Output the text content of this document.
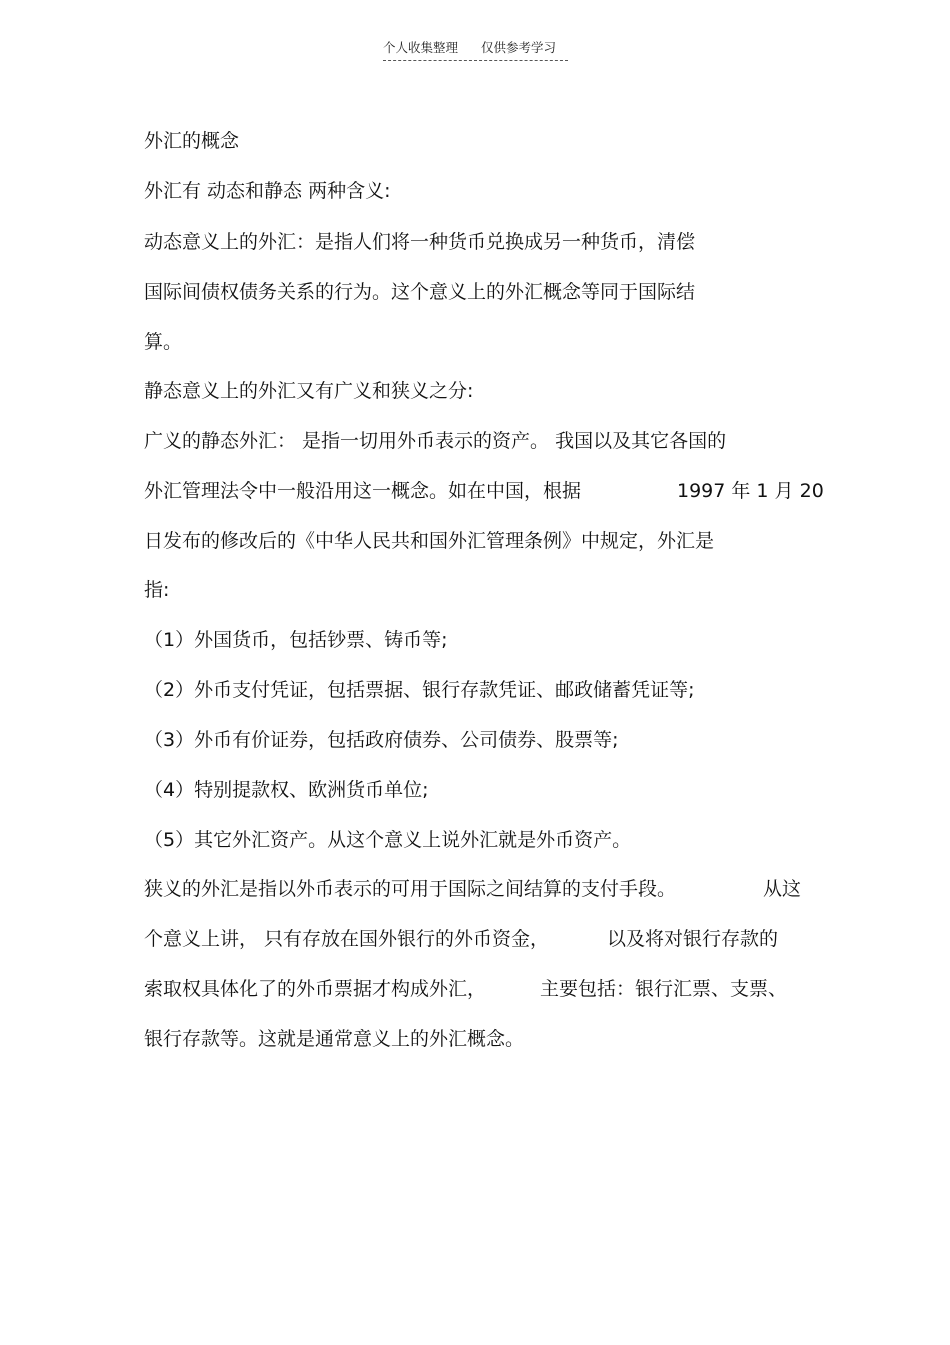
个人收集整理 仅供参考学习
外汇的概念
外汇有 动态和静态 两种含义:
动态意义上的外汇：是指人们将一种货币兑换成另一种货币，清偿
国际间债权债务关系的行为。这个意义上的外汇概念等同于国际结
算。
静态意义上的外汇又有广义和狭义之分:
广义的静态外汇： 是指一切用外币表示的资产。 我国以及其它各国的
外汇管理法令中一般沿用这一概念。如在中国，根据	1997 年 1 月 20
日发布的修改后的《中华人民共和国外汇管理条例》中规定，外汇是
指:
（1）外国货币，包括钞票、铸币等;
（2）外币支付凭证，包括票据、银行存款凭证、邮政储蓄凭证等;
（3）外币有价证券，包括政府债券、公司债券、股票等;
（4）特别提款权、欧洲货币单位;
（5）其它外汇资产。从这个意义上说外汇就是外币资产。
狭义的外汇是指以外币表示的可用于国际之间结算的支付手段。	从这
个意义上讲， 只有存放在国外银行的外币资金，	以及将对银行存款的
索取权具体化了的外币票据才构成外汇，	主要包括：银行汇票、支票、
银行存款等。这就是通常意义上的外汇概念。
